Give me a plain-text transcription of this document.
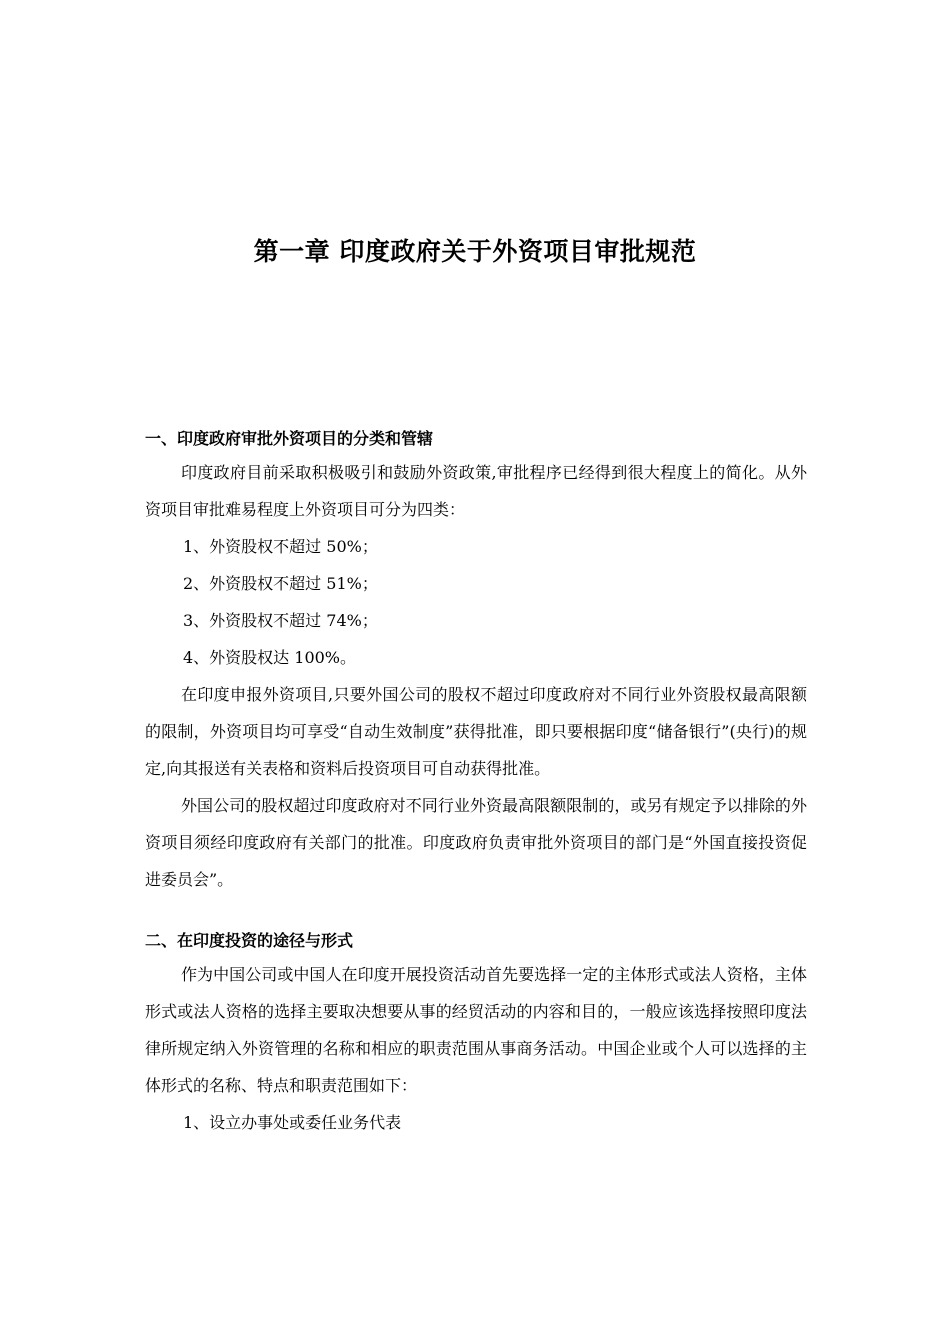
第一章 印度政府关于外资项目审批规范

一、印度政府审批外资项目的分类和管辖

印度政府目前采取积极吸引和鼓励外资政策,审批程序已经得到很大程度上的简化。从外资项目审批难易程度上外资项目可分为四类：

1、外资股权不超过 50%；

2、外资股权不超过 51%；

3、外资股权不超过 74%；

4、外资股权达 100%。

在印度申报外资项目,只要外国公司的股权不超过印度政府对不同行业外资股权最高限额的限制，外资项目均可享受“自动生效制度”获得批准，即只要根据印度“储备银行”(央行)的规定,向其报送有关表格和资料后投资项目可自动获得批准。

外国公司的股权超过印度政府对不同行业外资最高限额限制的，或另有规定予以排除的外资项目须经印度政府有关部门的批准。印度政府负责审批外资项目的部门是“外国直接投资促进委员会”。

二、在印度投资的途径与形式

作为中国公司或中国人在印度开展投资活动首先要选择一定的主体形式或法人资格，主体形式或法人资格的选择主要取决想要从事的经贸活动的内容和目的，一般应该选择按照印度法律所规定纳入外资管理的名称和相应的职责范围从事商务活动。中国企业或个人可以选择的主体形式的名称、特点和职责范围如下：

1、设立办事处或委任业务代表
